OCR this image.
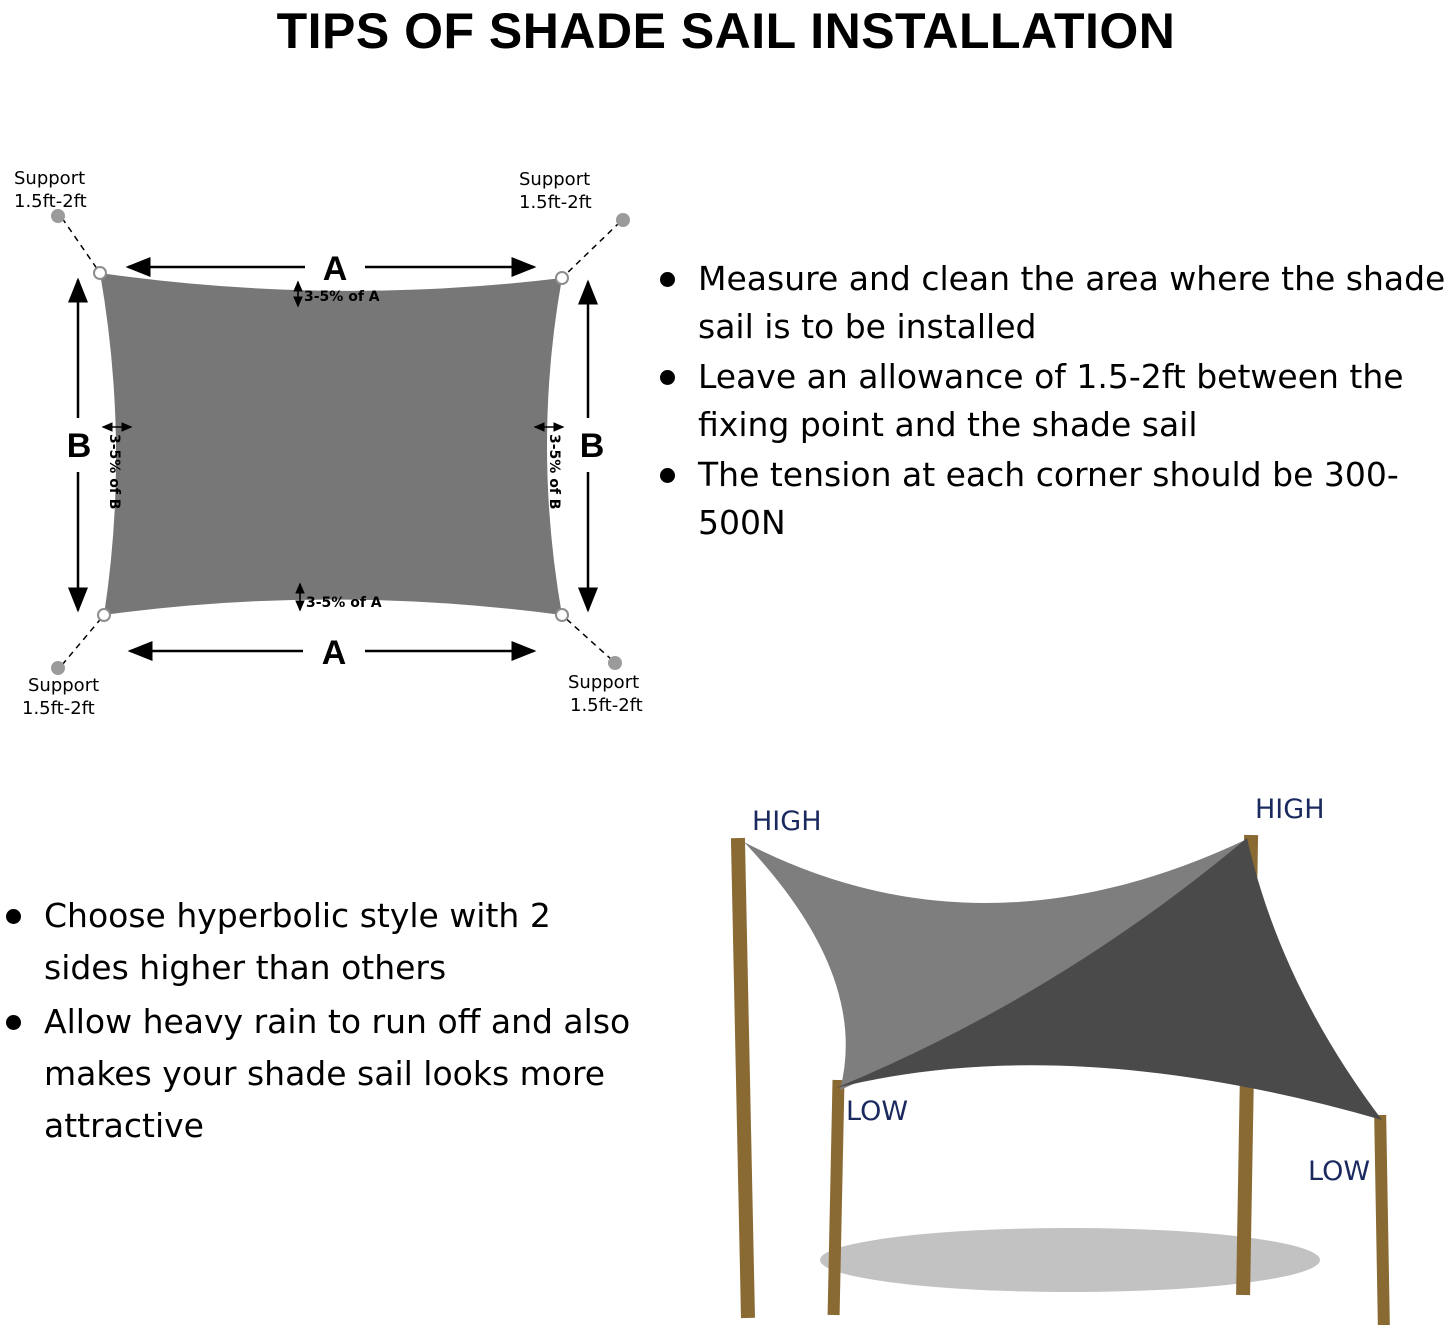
TIPS OF SHADE SAIL INSTALLATION
A
3-5% of A
A
3-5% of A
B 3-5% of B	B
3-5% of B
Support
1.5ft-2ft
Support
1.5ft-2ft
Support
1.5ft-2ft
Support
1.5ft-2ft
Measure and clean the area where the shade sail is to be installed
Leave an allowance of 1.5-2ft between the fixing point and the shade sail
The tension at each corner should be 300-500N
Choose hyperbolic style with 2 sides higher than others
Allow heavy rain to run off and also makes your shade sail looks more attractive
HIGH	HIGH
LOW
LOW
